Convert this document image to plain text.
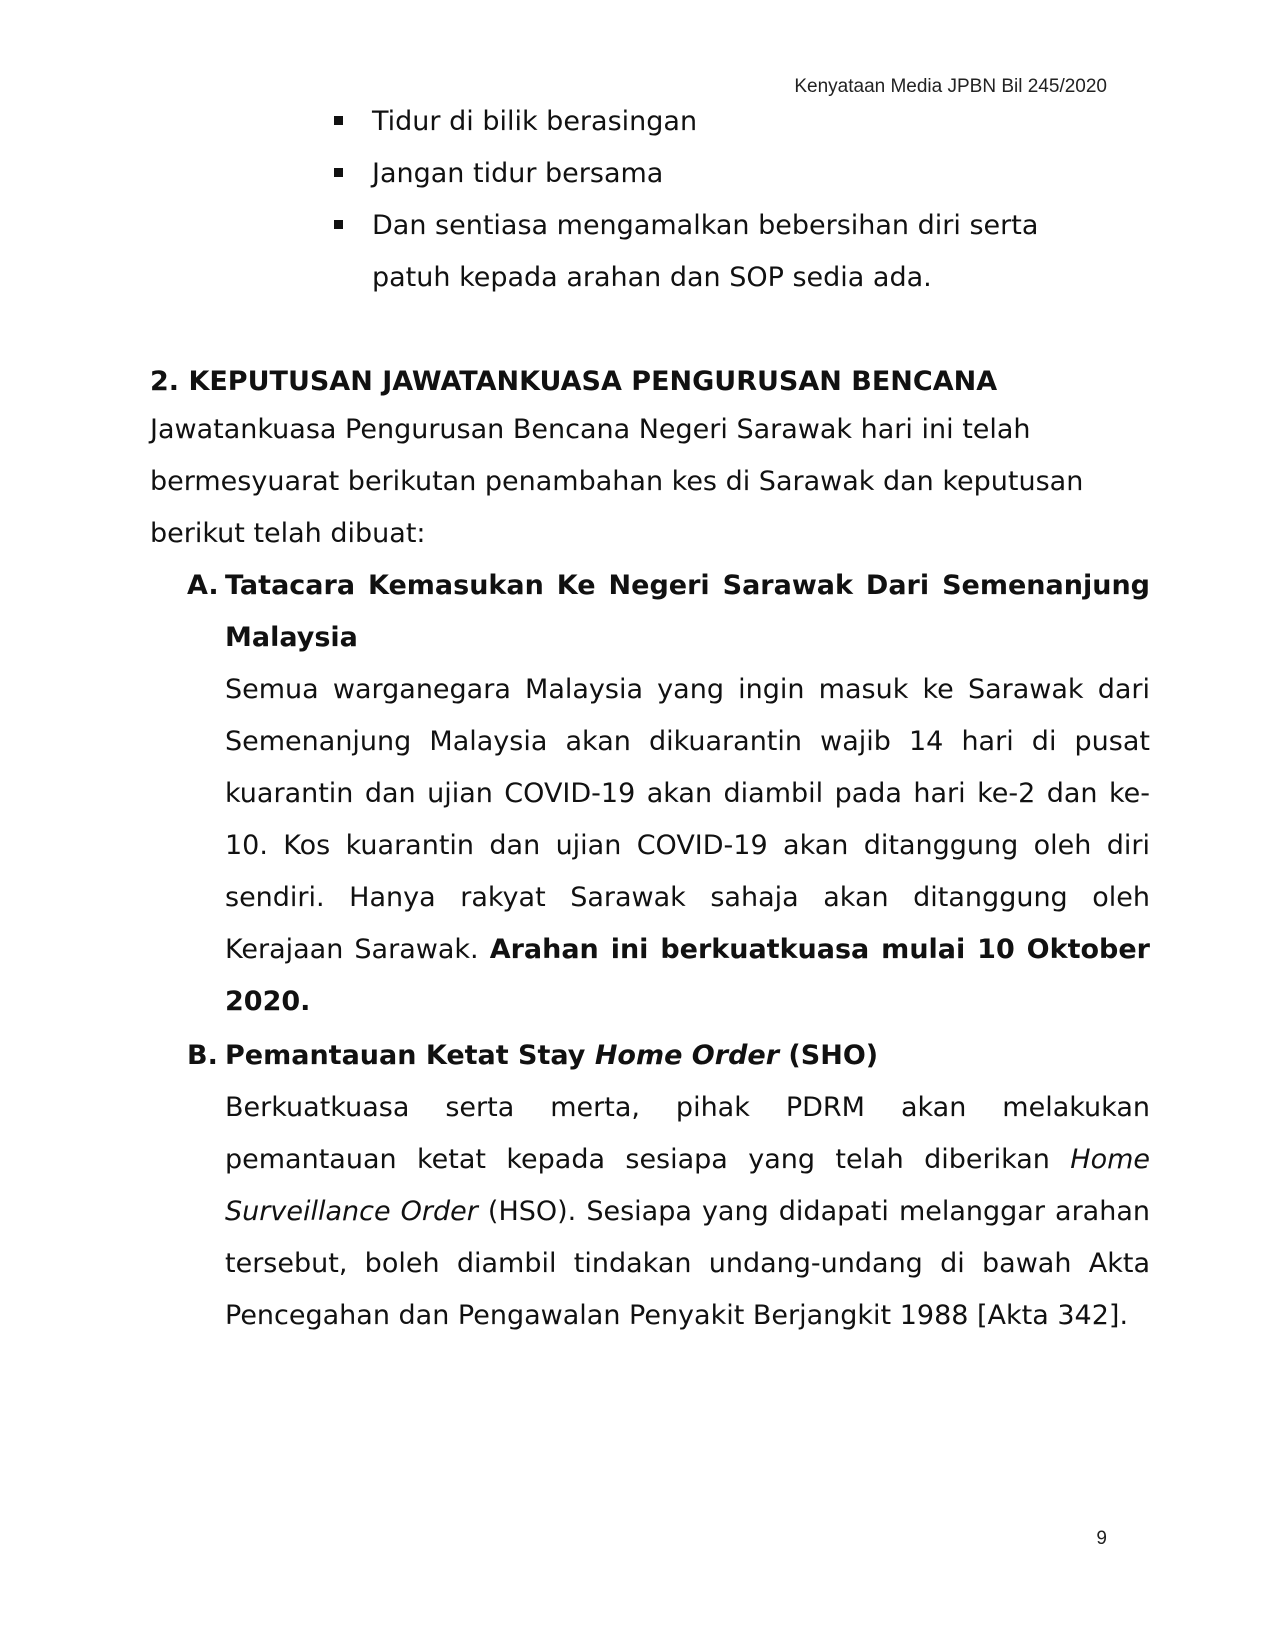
Kenyataan Media JPBN Bil 245/2020
Tidur di bilik berasingan
Jangan tidur bersama
Dan sentiasa mengamalkan bebersihan diri serta patuh kepada arahan dan SOP sedia ada.
2. KEPUTUSAN JAWATANKUASA PENGURUSAN BENCANA

Jawatankuasa Pengurusan Bencana Negeri Sarawak hari ini telah bermesyuarat berikutan penambahan kes di Sarawak dan keputusan berikut telah dibuat:

A. Tatacara Kemasukan Ke Negeri Sarawak Dari Semenanjung Malaysia

Semua warganegara Malaysia yang ingin masuk ke Sarawak dari Semenanjung Malaysia akan dikuarantin wajib 14 hari di pusat kuarantin dan ujian COVID-19 akan diambil pada hari ke-2 dan ke-10. Kos kuarantin dan ujian COVID-19 akan ditanggung oleh diri sendiri. Hanya rakyat Sarawak sahaja akan ditanggung oleh Kerajaan Sarawak. Arahan ini berkuatkuasa mulai 10 Oktober 2020.

B. Pemantauan Ketat Stay Home Order (SHO)

Berkuatkuasa serta merta, pihak PDRM akan melakukan pemantauan ketat kepada sesiapa yang telah diberikan Home Surveillance Order (HSO). Sesiapa yang didapati melanggar arahan tersebut, boleh diambil tindakan undang-undang di bawah Akta Pencegahan dan Pengawalan Penyakit Berjangkit 1988 [Akta 342].

9
